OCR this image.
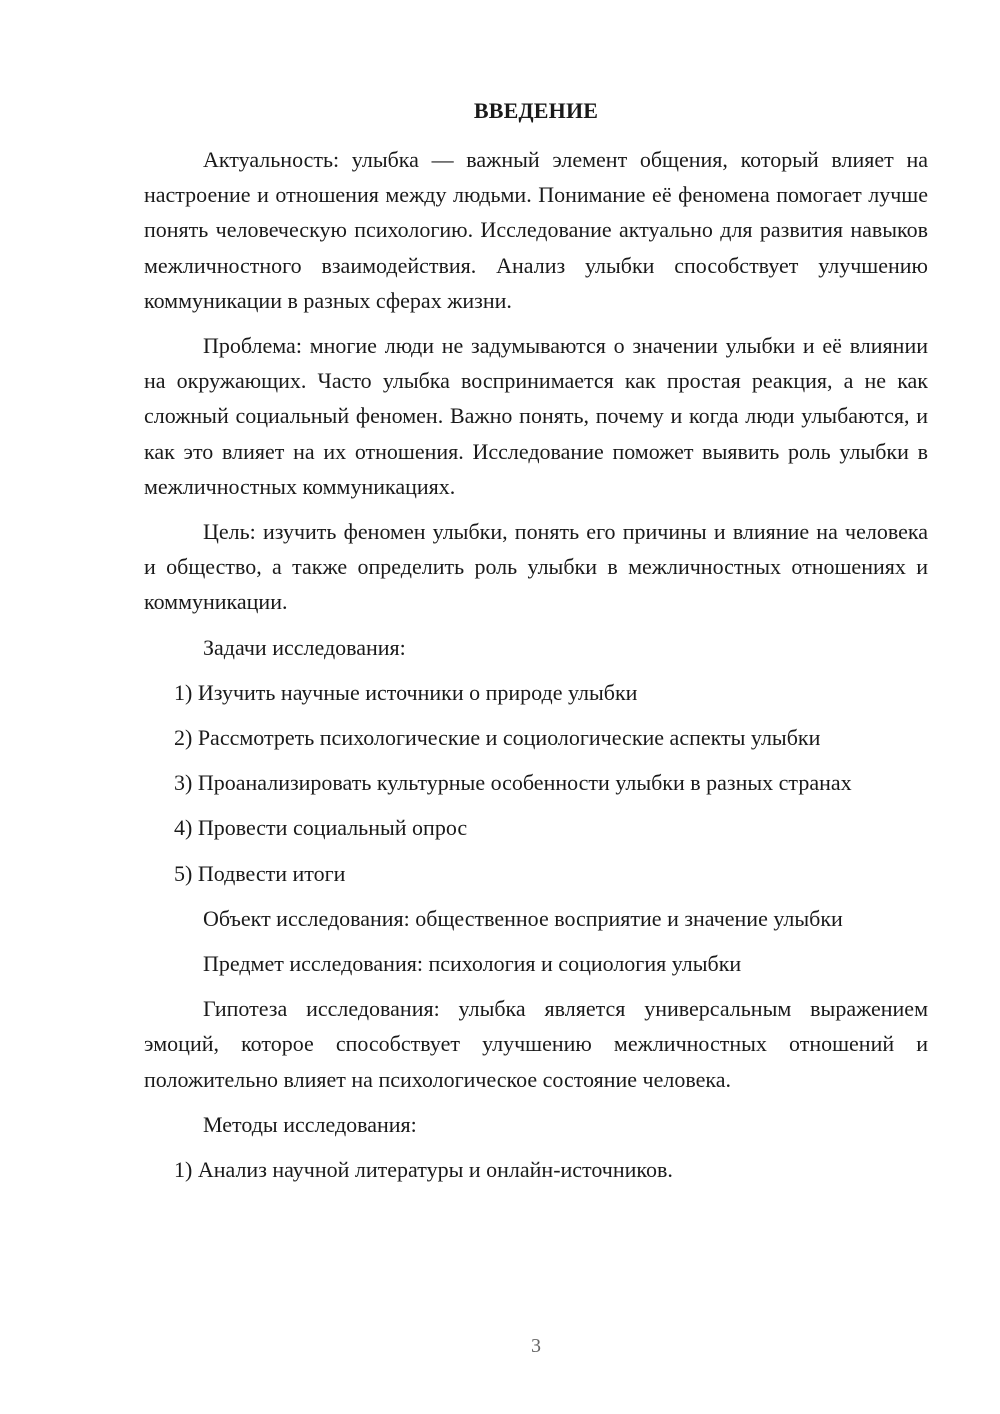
ВВЕДЕНИЕ

Актуальность: улыбка — важный элемент общения, который влияет на настроение и отношения между людьми. Понимание её феномена помогает лучше понять человеческую психологию. Исследование актуально для развития навыков межличностного взаимодействия. Анализ улыбки способствует улучшению коммуникации в разных сферах жизни.

Проблема: многие люди не задумываются о значении улыбки и её влиянии на окружающих. Часто улыбка воспринимается как простая реакция, а не как сложный социальный феномен. Важно понять, почему и когда люди улыбаются, и как это влияет на их отношения. Исследование поможет выявить роль улыбки в межличностных коммуникациях.

Цель: изучить феномен улыбки, понять его причины и влияние на человека и общество, а также определить роль улыбки в межличностных отношениях и коммуникации.

Задачи исследования:

1) Изучить научные источники о природе улыбки

2) Рассмотреть психологические и социологические аспекты улыбки

3) Проанализировать культурные особенности улыбки в разных странах

4) Провести социальный опрос

5) Подвести итоги

Объект исследования: общественное восприятие и значение улыбки

Предмет исследования: психология и социология улыбки

Гипотеза исследования: улыбка является универсальным выражением эмоций, которое способствует улучшению межличностных отношений и положительно влияет на психологическое состояние человека.

Методы исследования:

1) Анализ научной литературы и онлайн-источников.

3
